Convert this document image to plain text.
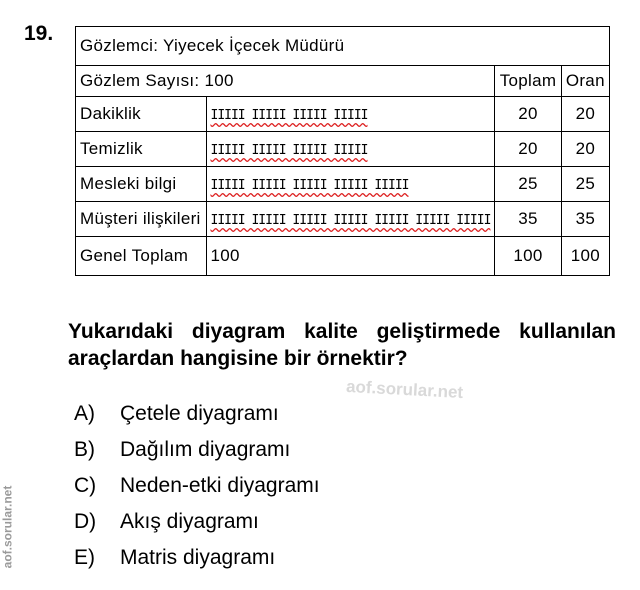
19.
Gözlemci: Yiyecek İçecek Müdürü			
Gözlem Sayısı: 100		Toplam	Oran
Dakiklik	IIIII IIIII IIIII IIIII	20	20
Temizlik	IIIII IIIII IIIII IIIII	20	20
Mesleki bilgi	IIIII IIIII IIIII IIIII IIIII	25	25
Müşteri ilişkileri	IIIII IIIII IIIII IIIII IIIII IIIII IIIII	35	35
Genel Toplam	100	100	100
Yukarıdaki diyagram kalite geliştirmede kullanılan araçlardan hangisine bir örnektir?
aof.sorular.net
aof.sorular.net
A)	Çetele diyagramı
B)	Dağılım diyagramı
C)	Neden-etki diyagramı
D)	Akış diyagramı
E)	Matris diyagramı
